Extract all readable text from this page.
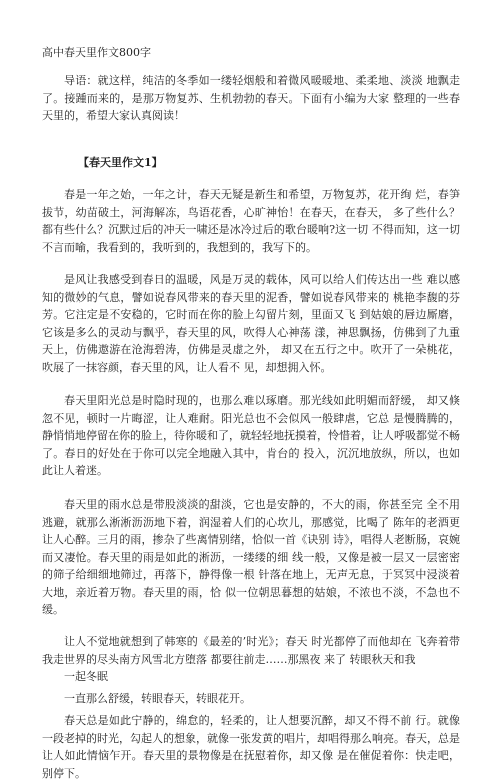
高中春天里作文800字

导语：就这样，纯洁的冬季如一缕轻烟般和着微风暖暖地、柔柔地、淡淡 地飘走了。接踵而来的，是那万物复苏、生机勃勃的春天。下面有小编为大家 整理的一些春天里的，希望大家认真阅读！

【春天里作文1】

春是一年之始，一年之计，春天无疑是新生和希望，万物复苏，花开绚 烂，春笋拔节，幼苗破土，河海解冻，鸟语花香，心旷神怡！在春天，在春天， 多了些什么？都有些什么？沉默过后的冲天一啸还是冰冷过后的歌台暖响?这一切 不得而知，这一切不言而喻，我看到的，我听到的，我想到的，我写下的。

是风让我感受到春日的温暖，风是万灵的载体，风可以给人们传达出一些 难以感知的微妙的气息，譬如说春风带来的春天里的泥香，譬如说春风带来的 桃艳李馥的芬芳。它注定是不安稳的，它时而在你的脸上勾留片刻，里面又飞 到姑娘的唇边厮磨，它该是多么的灵动与飘乎，春天里的风，吹得人心神荡 漾，神思飘扬，仿佛到了九重天上，仿佛遨游在沧海碧涛，仿佛是灵虚之外， 却又在五行之中。吹开了一朵桃花，吹展了一抹容颜，春天里的风，让人看不 见，却想拥入怀。

春天里阳光总是时隐时现的，也那么难以琢磨。那光线如此明媚而舒缓， 却又倏忽不见，顿时一片晦涩，让人难耐。阳光总也不会似风一般肆虐，它总 是慢腾腾的，静悄悄地停留在你的脸上，待你暖和了，就轻轻地抚摸着，怜惜着，让人呼吸都觉不畅了。春日的好处在于你可以完全地融入其中，肯台的 投入，沉沉地放纵，所以，也如此让人着迷。

春天里的雨水总是带股淡淡的甜淡，它也是安静的，不大的雨，你甚至完 全不用逃避，就那么淅淅沥沥地下着，润湿着人们的心坎儿，那感觉，比喝了 陈年的老酒更让人心醉。三月的雨，掺杂了些离情别绪，恰似一首《诀别 诗》，唱得人老断肠，哀婉而又凄怆。春天里的雨是如此的淅沥，一缕缕的细 线一般，又像是被一层又一层密密的筛子给细细地筛过，再落下，静得像一根 针落在地上，无声无息，于冥冥中浸淡着大地，亲近着万物。春天里的雨，恰 似一位朝思暮想的姑娘，不浓也不淡，不急也不缓。

让人不觉地就想到了韩寒的《最差的’时光》；春天 时光都停了而他却在 飞奔着带我走世界的尽头南方风雪北方堕落 都要往前走……那黑夜 来了 转眼秋天和我

一起冬眠

一直那么舒缓，转眼春天，转眼花开。

春天总是如此宁静的，绵怠的，轻柔的，让人想要沉醉，却又不得不前 行。就像一段老掉的时光，勾起人的想象，就像一张发黄的唱片，却唱得那么响亮。春天，总是让人如此情恼乍开。春天里的景物像是在抚慰着你，却又像 是在催促着你：快走吧，别停下。
